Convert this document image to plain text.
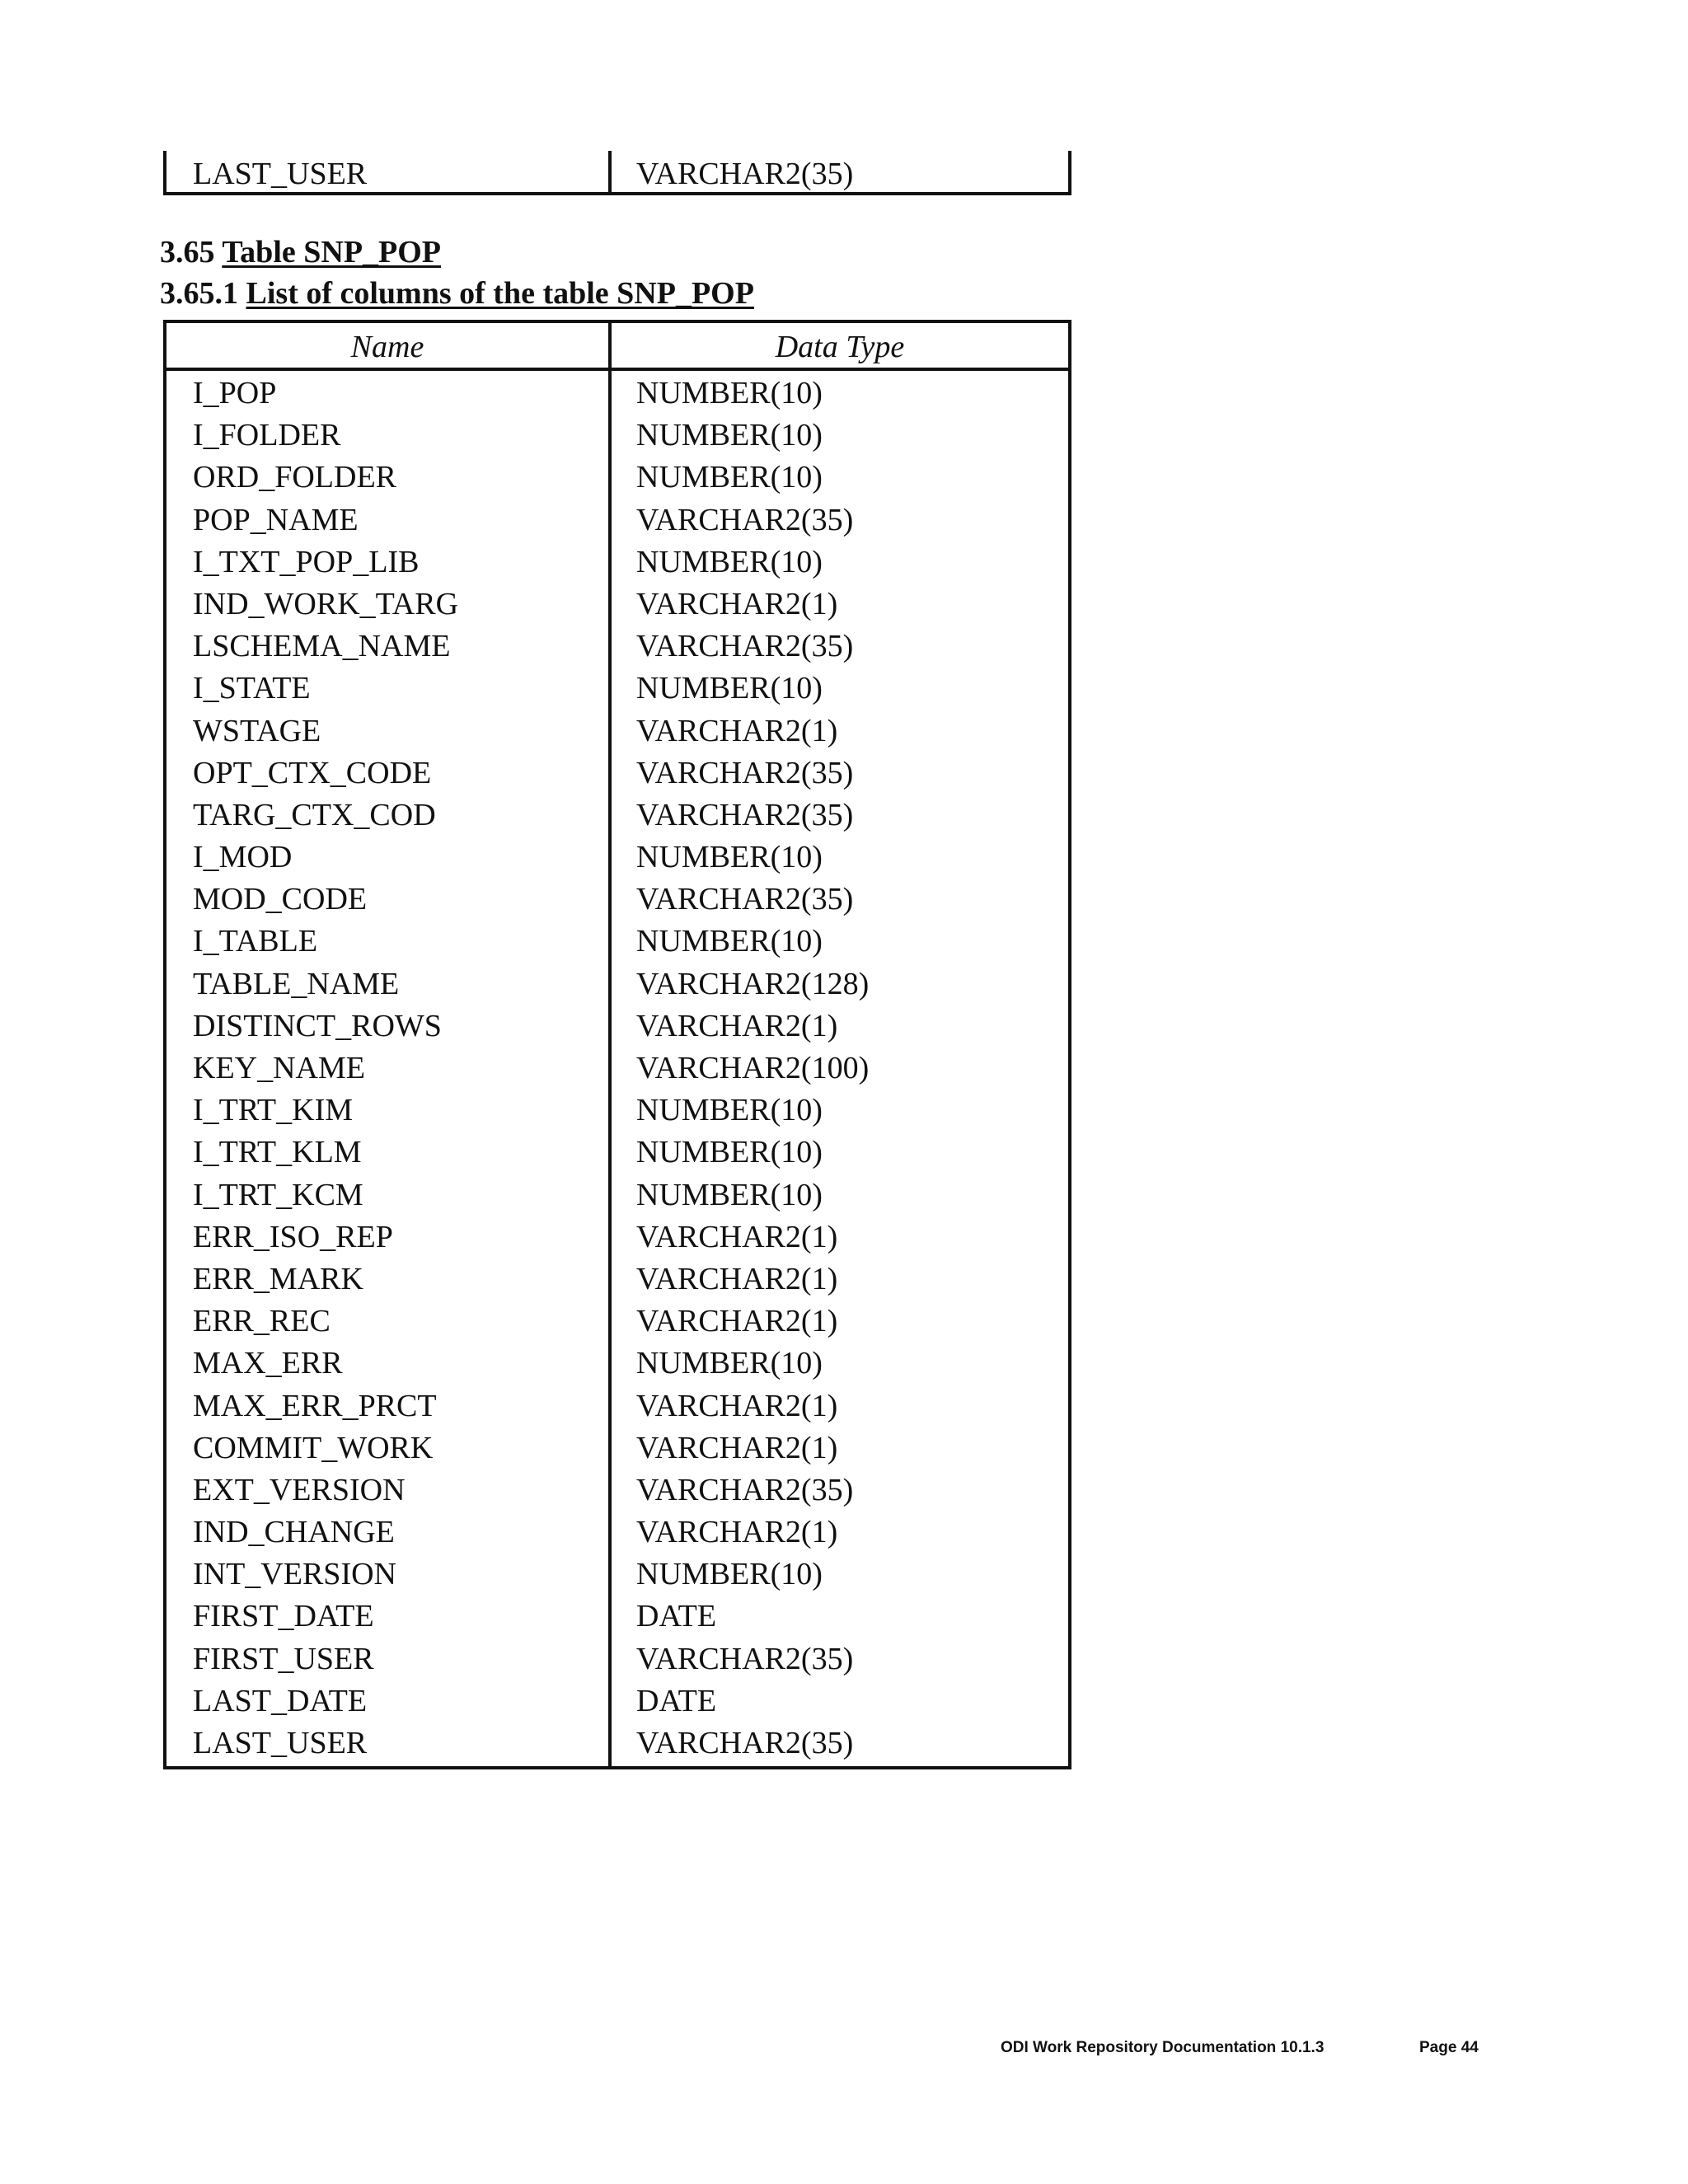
LAST_USER	VARCHAR2(35)
3.65 Table SNP_POP
3.65.1 List of columns of the table SNP_POP
Name	Data Type
I_POP	NUMBER(10)
I_FOLDER	NUMBER(10)
ORD_FOLDER	NUMBER(10)
POP_NAME	VARCHAR2(35)
I_TXT_POP_LIB	NUMBER(10)
IND_WORK_TARG	VARCHAR2(1)
LSCHEMA_NAME	VARCHAR2(35)
I_STATE	NUMBER(10)
WSTAGE	VARCHAR2(1)
OPT_CTX_CODE	VARCHAR2(35)
TARG_CTX_COD	VARCHAR2(35)
I_MOD	NUMBER(10)
MOD_CODE	VARCHAR2(35)
I_TABLE	NUMBER(10)
TABLE_NAME	VARCHAR2(128)
DISTINCT_ROWS	VARCHAR2(1)
KEY_NAME	VARCHAR2(100)
I_TRT_KIM	NUMBER(10)
I_TRT_KLM	NUMBER(10)
I_TRT_KCM	NUMBER(10)
ERR_ISO_REP	VARCHAR2(1)
ERR_MARK	VARCHAR2(1)
ERR_REC	VARCHAR2(1)
MAX_ERR	NUMBER(10)
MAX_ERR_PRCT	VARCHAR2(1)
COMMIT_WORK	VARCHAR2(1)
EXT_VERSION	VARCHAR2(35)
IND_CHANGE	VARCHAR2(1)
INT_VERSION	NUMBER(10)
FIRST_DATE	DATE
FIRST_USER	VARCHAR2(35)
LAST_DATE	DATE
LAST_USER	VARCHAR2(35)
ODI Work Repository Documentation 10.1.3	Page 44
